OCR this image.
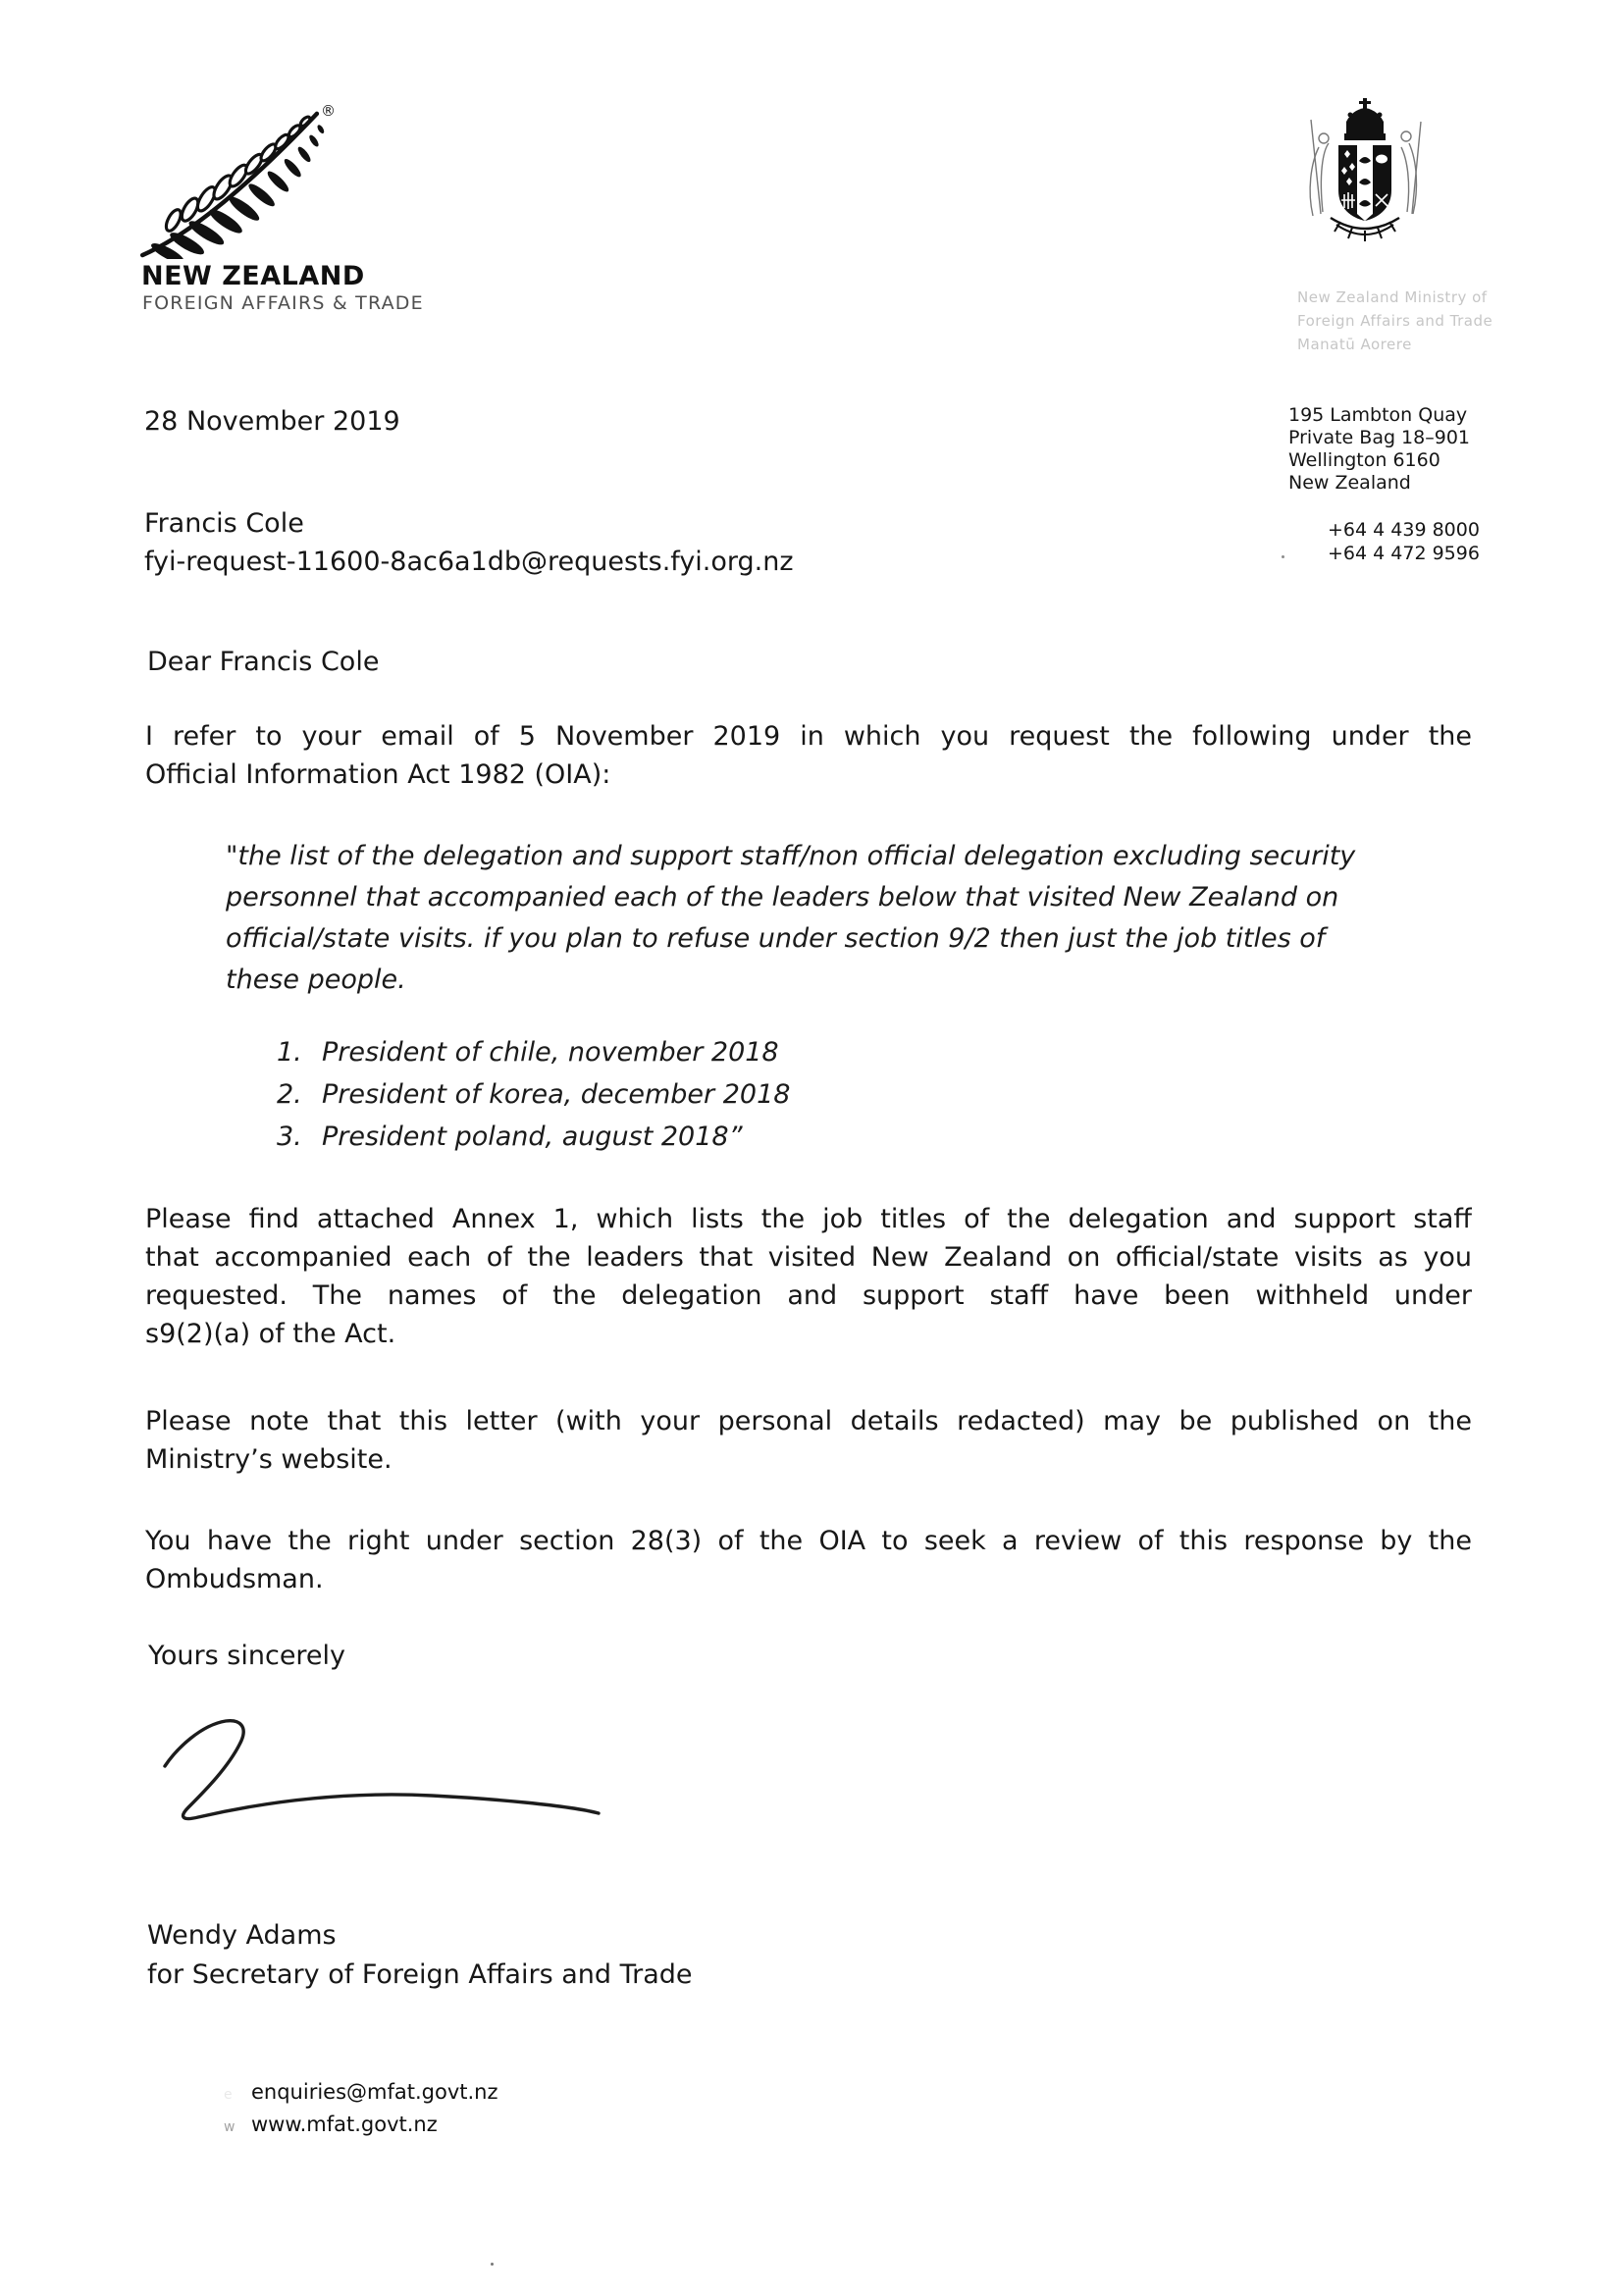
®
NEW ZEALAND
FOREIGN AFFAIRS & TRADE	New Zealand Ministry of
Foreign Affairs and Trade
Manatū Aorere
28 November 2019	195 Lambton Quay
Private Bag 18–901
Wellington 6160
New Zealand
+64 4 439 8000
+64 4 472 9596
Francis Cole
fyi-request-11600-8ac6a1db@requests.fyi.org.nz
Dear Francis Cole
I refer to your email of 5 November 2019 in which you request the following under the
Official Information Act 1982 (OIA):
"the list of the delegation and support staff/non official delegation excluding security
personnel that accompanied each of the leaders below that visited New Zealand on
official/state visits. if you plan to refuse under section 9/2 then just the job titles of
these people.
1. President of chile, november 2018
2. President of korea, december 2018
3. President poland, august 2018”
Please find attached Annex 1, which lists the job titles of the delegation and support staff
that accompanied each of the leaders that visited New Zealand on official/state visits as you
requested. The names of the delegation and support staff have been withheld under
s9(2)(a) of the Act.
Please note that this letter (with your personal details redacted) may be published on the
Ministry’s website.
You have the right under section 28(3) of the OIA to seek a review of this response by the
Ombudsman.
Yours sincerely
Wendy Adams
for Secretary of Foreign Affairs and Trade
e enquiries@mfat.govt.nz
w www.mfat.govt.nz
